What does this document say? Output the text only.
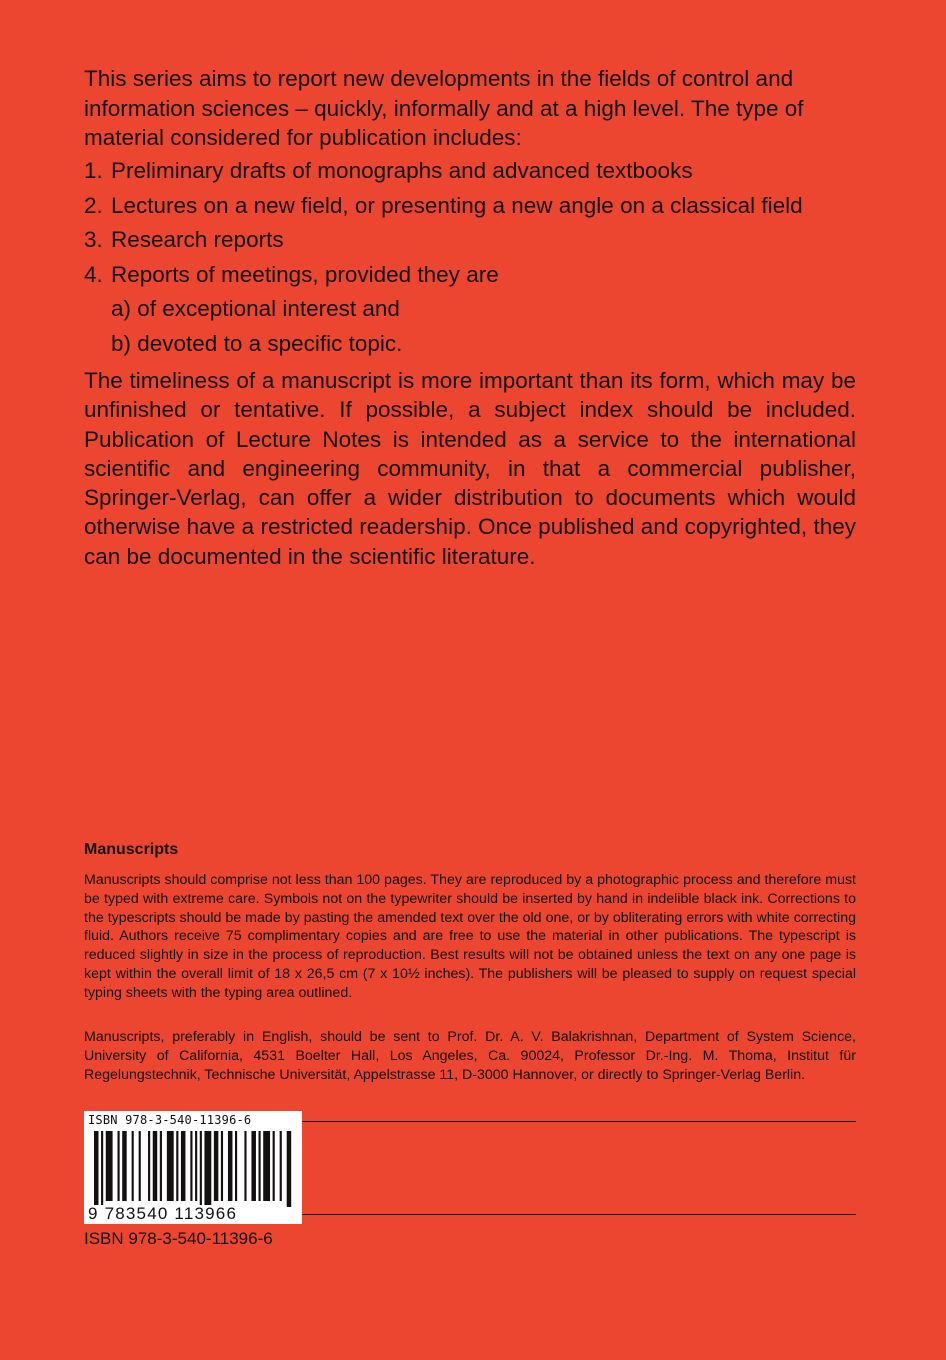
This series aims to report new developments in the fields of control and information sciences – quickly, informally and at a high level. The type of material considered for publication includes:

1. Preliminary drafts of monographs and advanced textbooks
2. Lectures on a new field, or presenting a new angle on a classical field
3. Research reports
4. Reports of meetings, provided they are
a) of exceptional interest and
b) devoted to a specific topic.

The timeliness of a manuscript is more important than its form, which may be unfinished or tentative. If possible, a subject index should be included. Publication of Lecture Notes is intended as a service to the international scientific and engineering community, in that a commercial publisher, Springer-Verlag, can offer a wider distribution to documents which would otherwise have a restricted readership. Once published and copyrighted, they can be documented in the scientific literature.

Manuscripts

Manuscripts should comprise not less than 100 pages. They are reproduced by a photographic process and therefore must be typed with extreme care. Symbols not on the typewriter should be inserted by hand in indelible black ink. Corrections to the typescripts should be made by pasting the amended text over the old one, or by obliterating errors with white correcting fluid. Authors receive 75 complimentary copies and are free to use the material in other publications. The typescript is reduced slightly in size in the process of reproduction. Best results will not be obtained unless the text on any one page is kept within the overall limit of 18 x 26,5 cm (7 x 10½ inches). The publishers will be pleased to supply on request special typing sheets with the typing area outlined.

Manuscripts, preferably in English, should be sent to Prof. Dr. A. V. Balakrishnan, Department of System Science, University of California, 4531 Boelter Hall, Los Angeles, Ca. 90024, Professor Dr.-Ing. M. Thoma, Institut für Regelungstechnik, Technische Universität, Appelstrasse 11, D-3000 Hannover, or directly to Springer-Verlag Berlin.

ISBN 978-3-540-11396-6
9 783540 113966

ISBN 978-3-540-11396-6
